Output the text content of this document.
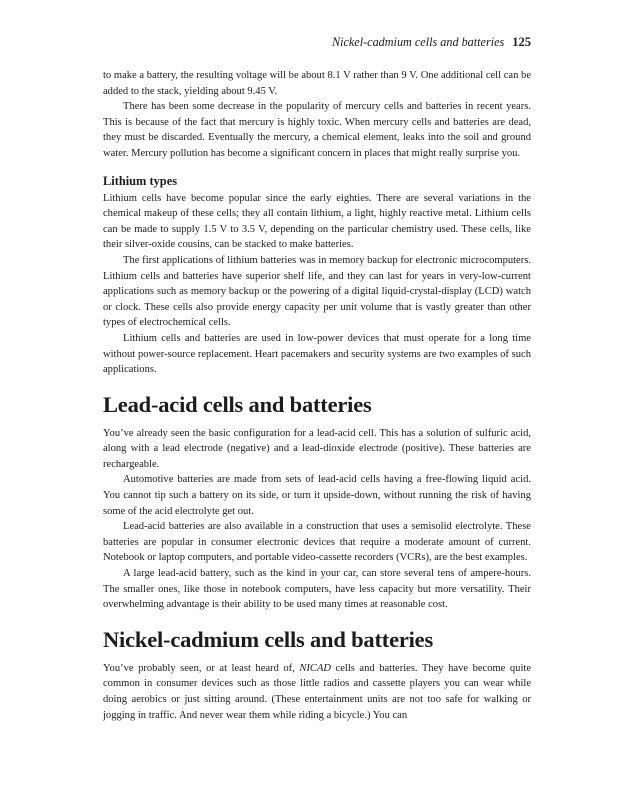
Nickel-cadmium cells and batteries 125

to make a battery, the resulting voltage will be about 8.1 V rather than 9 V. One additional cell can be added to the stack, yielding about 9.45 V.

There has been some decrease in the popularity of mercury cells and batteries in recent years. This is because of the fact that mercury is highly toxic. When mercury cells and batteries are dead, they must be discarded. Eventually the mercury, a chemical element, leaks into the soil and ground water. Mercury pollution has become a significant concern in places that might really surprise you.

Lithium types

Lithium cells have become popular since the early eighties. There are several variations in the chemical makeup of these cells; they all contain lithium, a light, highly reactive metal. Lithium cells can be made to supply 1.5 V to 3.5 V, depending on the particular chemistry used. These cells, like their silver-oxide cousins, can be stacked to make batteries.

The first applications of lithium batteries was in memory backup for electronic microcomputers. Lithium cells and batteries have superior shelf life, and they can last for years in very-low-current applications such as memory backup or the powering of a digital liquid-crystal-display (LCD) watch or clock. These cells also provide energy capacity per unit volume that is vastly greater than other types of electrochemical cells.

Lithium cells and batteries are used in low-power devices that must operate for a long time without power-source replacement. Heart pacemakers and security systems are two examples of such applications.

Lead-acid cells and batteries

You’ve already seen the basic configuration for a lead-acid cell. This has a solution of sulfuric acid, along with a lead electrode (negative) and a lead-dioxide electrode (positive). These batteries are rechargeable.

Automotive batteries are made from sets of lead-acid cells having a free-flowing liquid acid. You cannot tip such a battery on its side, or turn it upside-down, without running the risk of having some of the acid electrolyte get out.

Lead-acid batteries are also available in a construction that uses a semisolid electrolyte. These batteries are popular in consumer electronic devices that require a moderate amount of current. Notebook or laptop computers, and portable video-cassette recorders (VCRs), are the best examples.

A large lead-acid battery, such as the kind in your car, can store several tens of ampere-hours. The smaller ones, like those in notebook computers, have less capacity but more versatility. Their overwhelming advantage is their ability to be used many times at reasonable cost.

Nickel-cadmium cells and batteries

You’ve probably seen, or at least heard of, NICAD cells and batteries. They have become quite common in consumer devices such as those little radios and cassette players you can wear while doing aerobics or just sitting around. (These entertainment units are not too safe for walking or jogging in traffic. And never wear them while riding a bicycle.) You can
